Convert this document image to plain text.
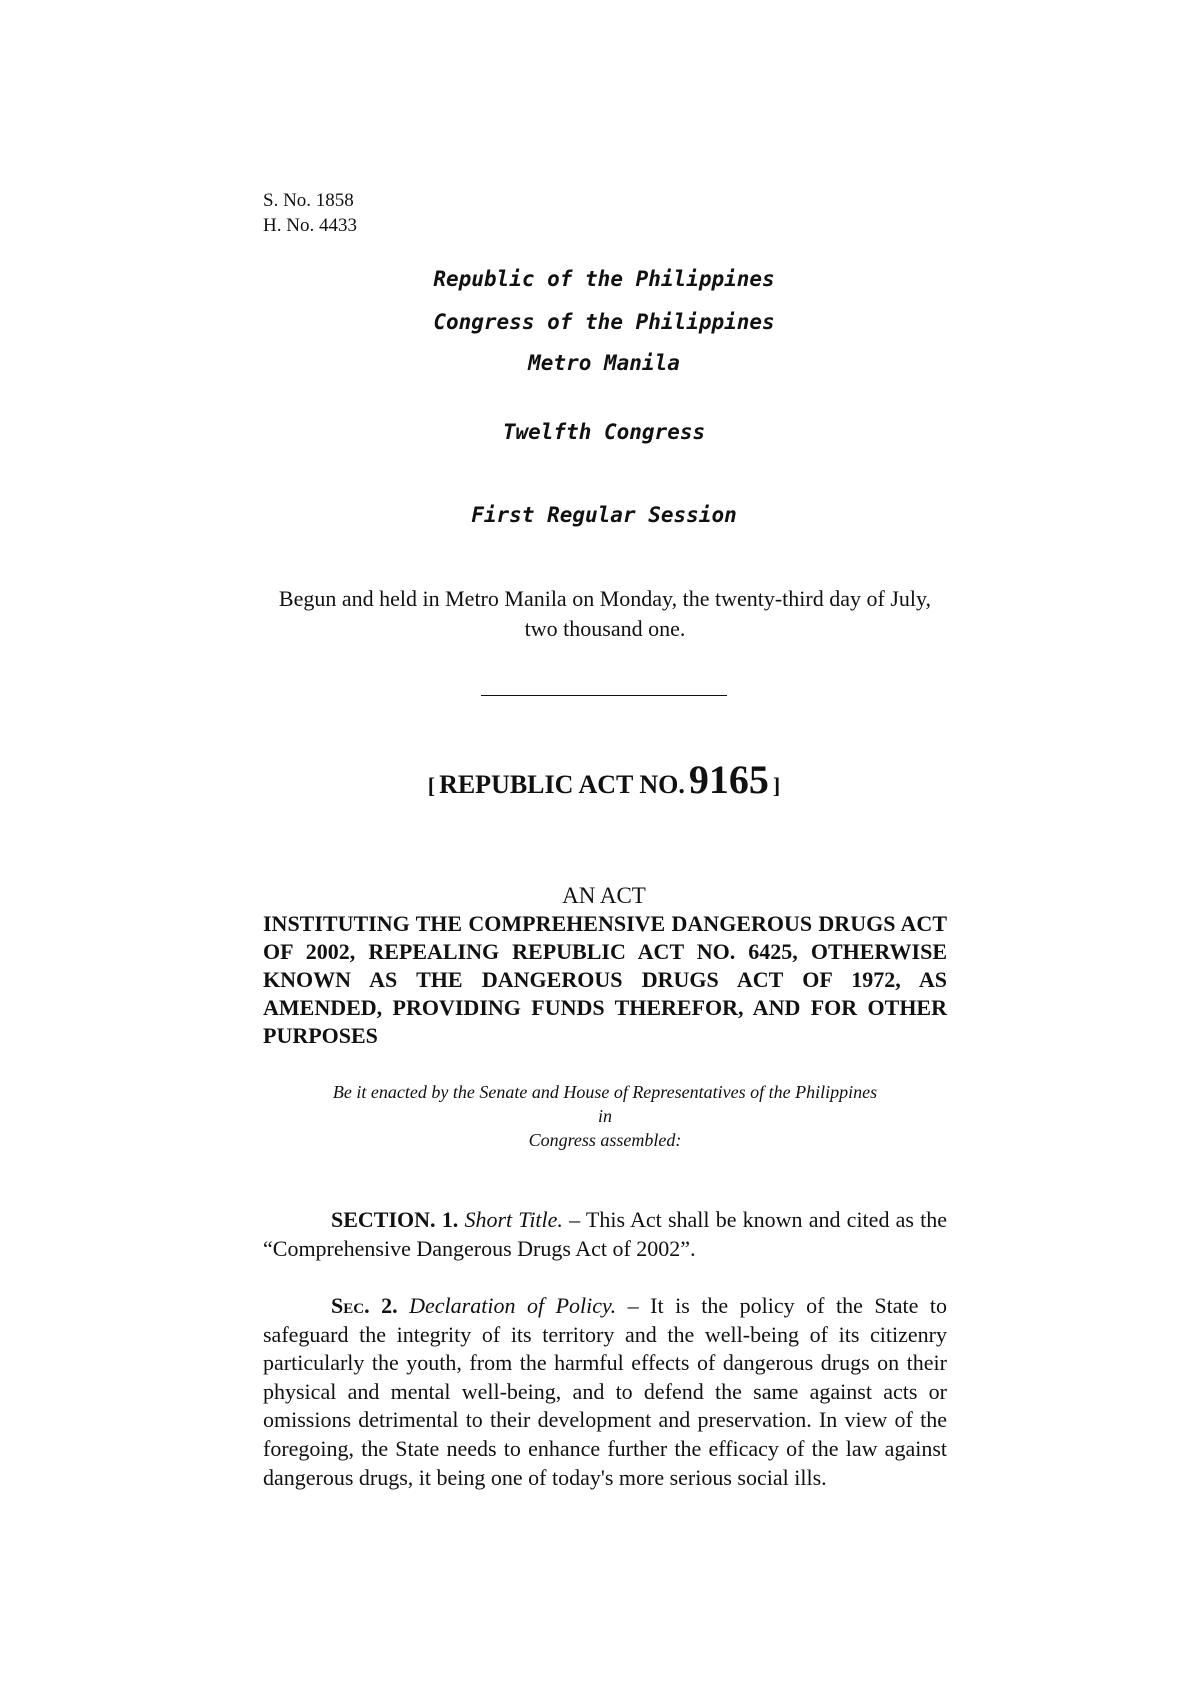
S. No. 1858
H. No. 4433
Republic of the Philippines
Congress of the Philippines
Metro Manila
Twelfth Congress
First Regular Session
Begun and held in Metro Manila on Monday, the twenty-third day of July, two thousand one.
[ REPUBLIC ACT NO. 9165 ]
AN ACT
INSTITUTING THE COMPREHENSIVE DANGEROUS DRUGS ACT OF 2002, REPEALING REPUBLIC ACT NO. 6425, OTHERWISE KNOWN AS THE DANGEROUS DRUGS ACT OF 1972, AS AMENDED, PROVIDING FUNDS THEREFOR, AND FOR OTHER PURPOSES
Be it enacted by the Senate and House of Representatives of the Philippines
in
Congress assembled:
SECTION. 1. Short Title. – This Act shall be known and cited as the “Comprehensive Dangerous Drugs Act of 2002”.
Sec. 2. Declaration of Policy. – It is the policy of the State to safeguard the integrity of its territory and the well-being of its citizenry particularly the youth, from the harmful effects of dangerous drugs on their physical and mental well-being, and to defend the same against acts or omissions detrimental to their development and preservation. In view of the foregoing, the State needs to enhance further the efficacy of the law against dangerous drugs, it being one of today's more serious social ills.
